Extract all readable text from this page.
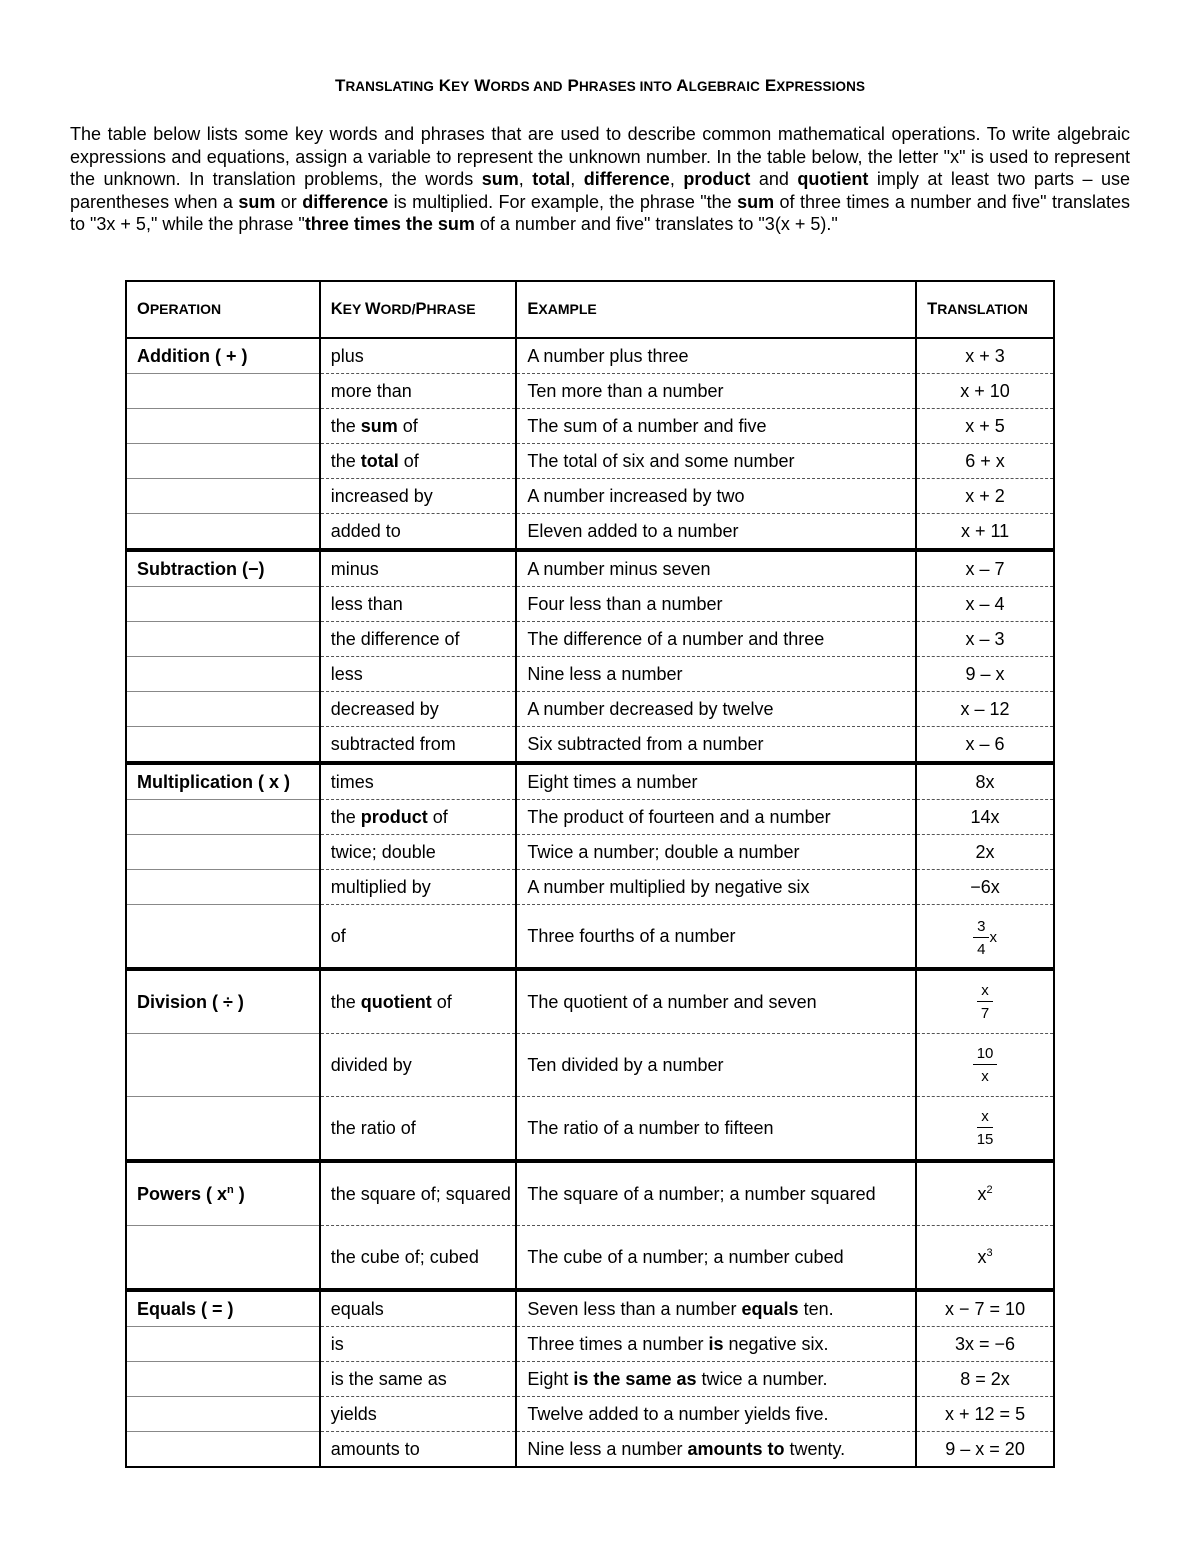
TRANSLATING KEY WORDS AND PHRASES INTO ALGEBRAIC EXPRESSIONS
The table below lists some key words and phrases that are used to describe common mathematical operations. To write algebraic expressions and equations, assign a variable to represent the unknown number. In the table below, the letter "x" is used to represent the unknown. In translation problems, the words sum, total, difference, product and quotient imply at least two parts – use parentheses when a sum or difference is multiplied. For example, the phrase "the sum of three times a number and five" translates to "3x + 5," while the phrase "three times the sum of a number and five" translates to "3(x + 5)."
OPERATION	KEY WORD/PHRASE	EXAMPLE	TRANSLATION
Addition ( + )	plus	A number plus three	x + 3
	more than	Ten more than a number	x + 10
	the sum of	The sum of a number and five	x + 5
	the total of	The total of six and some number	6 + x
	increased by	A number increased by two	x + 2
	added to	Eleven added to a number	x + 11
Subtraction (−)	minus	A number minus seven	x – 7
	less than	Four less than a number	x – 4
	the difference of	The difference of a number and three	x – 3
	less	Nine less a number	9 – x
	decreased by	A number decreased by twelve	x – 12
	subtracted from	Six subtracted from a number	x – 6
Multiplication ( x )	times	Eight times a number	8x
	the product of	The product of fourteen and a number	14x
	twice; double	Twice a number; double a number	2x
	multiplied by	A number multiplied by negative six	−6x
	of	Three fourths of a number	$\frac{3}{4}$ x

Division ( ÷ )	the quotient of	The quotient of a number and seven	$\frac{x}{7}$

	divided by	Ten divided by a number	$\frac{10}{x}$

	the ratio of	The ratio of a number to fifteen	$\frac{x}{15}$

Powers ( $x^n$ )	the square of; squared	The square of a number; a number squared	$x^2$
	the cube of; cubed	The cube of a number; a number cubed	$x^3$
Equals ( = )	equals	Seven less than a number equals ten.	x − 7 = 10
	is	Three times a number is negative six.	3x = −6
	is the same as	Eight is the same as twice a number.	8 = 2x
	yields	Twelve added to a number yields five.	x + 12 = 5
	amounts to	Nine less a number amounts to twenty.	9 – x = 20
